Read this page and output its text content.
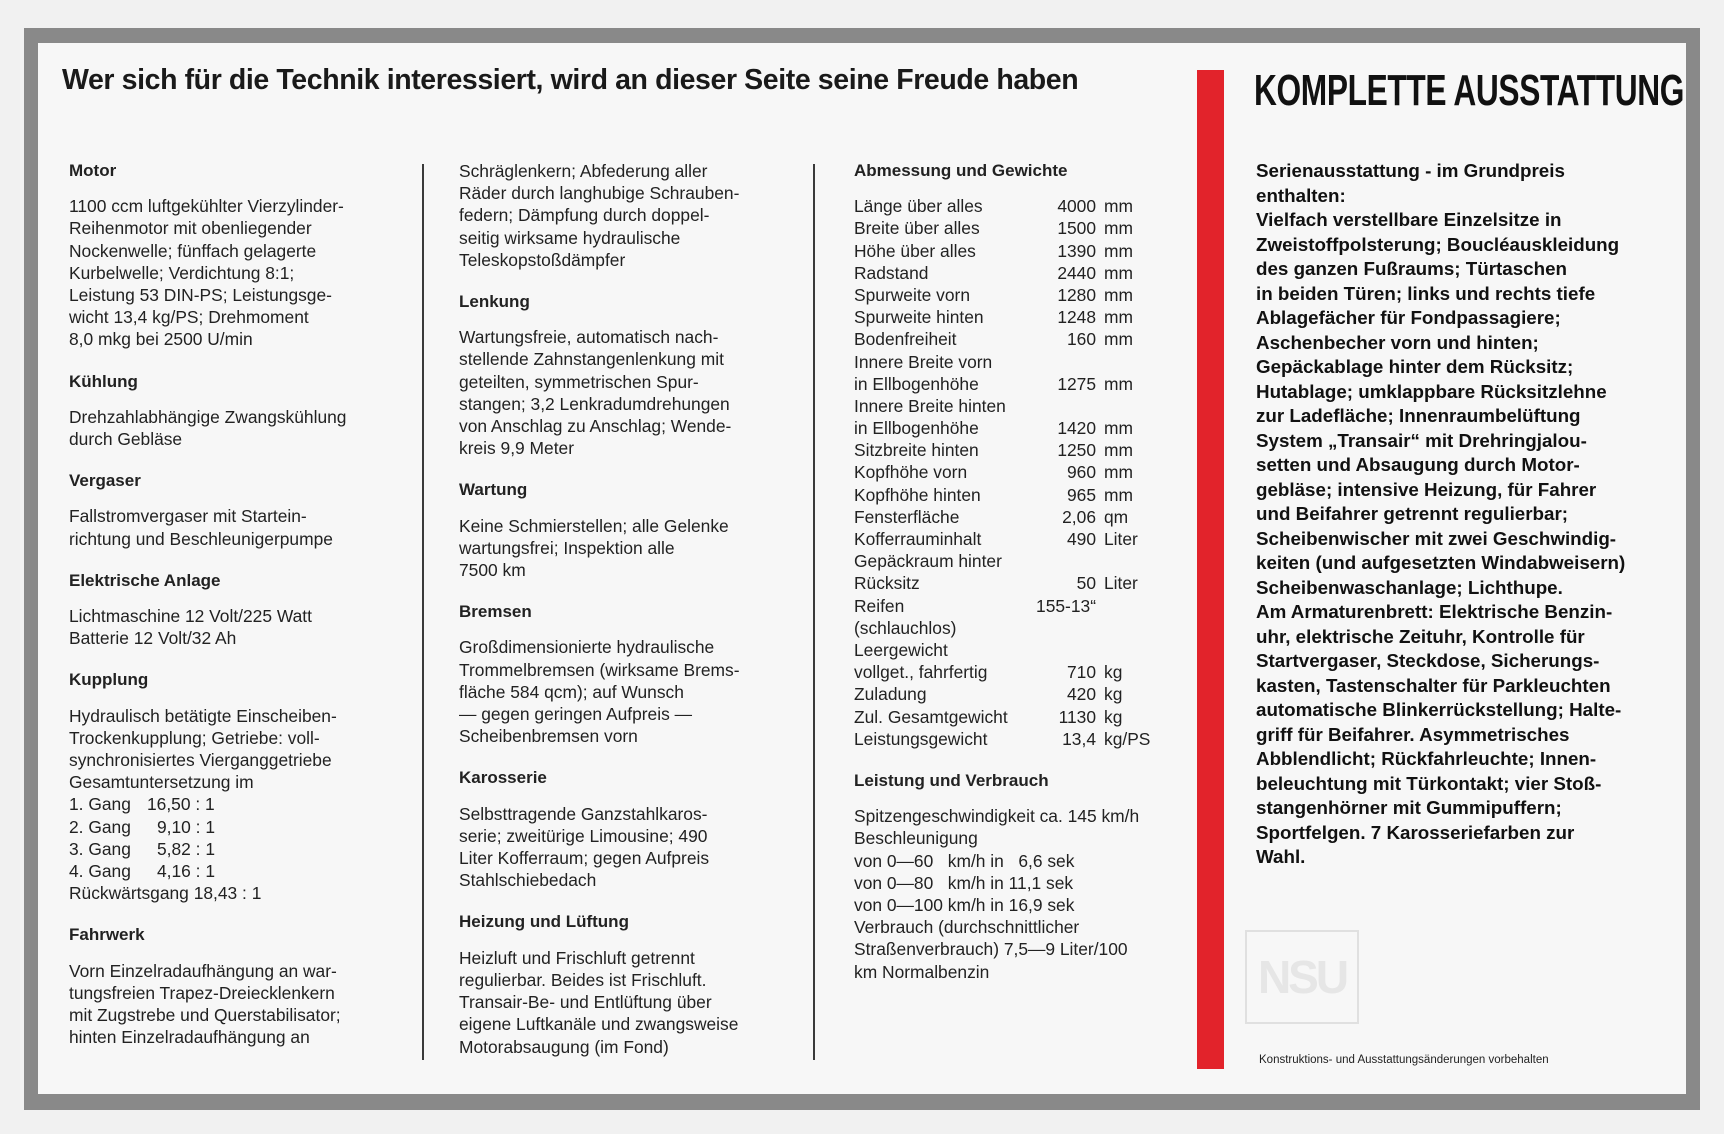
Wer sich für die Technik interessiert, wird an dieser Seite seine Freude haben
Motor
1100 ccm luftgekühlter Vierzylinder-
Reihenmotor mit obenliegender
Nockenwelle; fünffach gelagerte
Kurbelwelle; Verdichtung 8:1;
Leistung 53 DIN-PS; Leistungsge-
wicht 13,4 kg/PS; Drehmoment
8,0 mkg bei 2500 U/min
Kühlung
Drehzahlabhängige Zwangskühlung
durch Gebläse
Vergaser
Fallstromvergaser mit Startein-
richtung und Beschleunigerpumpe
Elektrische Anlage
Lichtmaschine 12 Volt/225 Watt
Batterie 12 Volt/32 Ah
Kupplung
Hydraulisch betätigte Einscheiben-
Trockenkupplung; Getriebe: voll-
synchronisiertes Vierganggetriebe
Gesamtuntersetzung im
1. Gang 16,50 : 1
2. Gang	9,10 : 1
3. Gang	5,82 : 1
4. Gang	4,16 : 1
Rückwärtsgang 18,43 : 1
Fahrwerk
Vorn Einzelradaufhängung an war-
tungsfreien Trapez-Dreiecklenkern
mit Zugstrebe und Querstabilisator;
hinten Einzelradaufhängung an
Schräglenkern; Abfederung aller
Räder durch langhubige Schrauben-
federn; Dämpfung durch doppel-
seitig wirksame hydraulische
Teleskopstoßdämpfer
Lenkung
Wartungsfreie, automatisch nach-
stellende Zahnstangenlenkung mit
geteilten, symmetrischen Spur-
stangen; 3,2 Lenkradumdrehungen
von Anschlag zu Anschlag; Wende-
kreis 9,9 Meter
Wartung
Keine Schmierstellen; alle Gelenke
wartungsfrei; Inspektion alle
7500 km
Bremsen
Großdimensionierte hydraulische
Trommelbremsen (wirksame Brems-
fläche 584 qcm); auf Wunsch
— gegen geringen Aufpreis —
Scheibenbremsen vorn
Karosserie
Selbsttragende Ganzstahlkaros-
serie; zweitürige Limousine; 490
Liter Kofferraum; gegen Aufpreis
Stahlschiebedach
Heizung und Lüftung
Heizluft und Frischluft getrennt
regulierbar. Beides ist Frischluft.
Transair-Be- und Entlüftung über
eigene Luftkanäle und zwangsweise
Motorabsaugung (im Fond)
Abmessung und Gewichte
Länge über alles	4000 mm
Breite über alles	1500 mm
Höhe über alles	1390 mm
Radstand	2440 mm
Spurweite vorn	1280 mm
Spurweite hinten	1248 mm
Bodenfreiheit	160 mm
Innere Breite vorn
in Ellbogenhöhe	1275 mm
Innere Breite hinten
in Ellbogenhöhe	1420 mm
Sitzbreite hinten	1250 mm
Kopfhöhe vorn	960 mm
Kopfhöhe hinten	965 mm
Fensterfläche	2,06 qm
Kofferrauminhalt	490 Liter
Gepäckraum hinter
Rücksitz	50 Liter
Reifen	155-13“
(schlauchlos)
Leergewicht
vollget., fahrfertig	710 kg
Zuladung	420 kg
Zul. Gesamtgewicht	1130 kg
Leistungsgewicht	13,4 kg/PS
Leistung und Verbrauch
Spitzengeschwindigkeit ca. 145 km/h
Beschleunigung
von 0—60   km/h in   6,6 sek
von 0—80   km/h in 11,1 sek
von 0—100 km/h in 16,9 sek
Verbrauch (durchschnittlicher
Straßenverbrauch) 7,5—9 Liter/100
km Normalbenzin
KOMPLETTE AUSSTATTUNG
Serienausstattung - im Grundpreis
enthalten:
Vielfach verstellbare Einzelsitze in
Zweistoffpolsterung; Boucléauskleidung
des ganzen Fußraums; Türtaschen
in beiden Türen; links und rechts tiefe
Ablagefächer für Fondpassagiere;
Aschenbecher vorn und hinten;
Gepäckablage hinter dem Rücksitz;
Hutablage; umklappbare Rücksitzlehne
zur Ladefläche; Innenraumbelüftung
System „Transair“ mit Drehringjalou-
setten und Absaugung durch Motor-
gebläse; intensive Heizung, für Fahrer
und Beifahrer getrennt regulierbar;
Scheibenwischer mit zwei Geschwindig-
keiten (und aufgesetzten Windabweisern)
Scheibenwaschanlage; Lichthupe.
Am Armaturenbrett: Elektrische Benzin-
uhr, elektrische Zeituhr, Kontrolle für
Startvergaser, Steckdose, Sicherungs-
kasten, Tastenschalter für Parkleuchten
automatische Blinkerrückstellung; Halte-
griff für Beifahrer. Asymmetrisches
Abblendlicht; Rückfahrleuchte; Innen-
beleuchtung mit Türkontakt; vier Stoß-
stangenhörner mit Gummipuffern;
Sportfelgen. 7 Karosseriefarben zur
Wahl.
NSU
Konstruktions- und Ausstattungsänderungen vorbehalten
